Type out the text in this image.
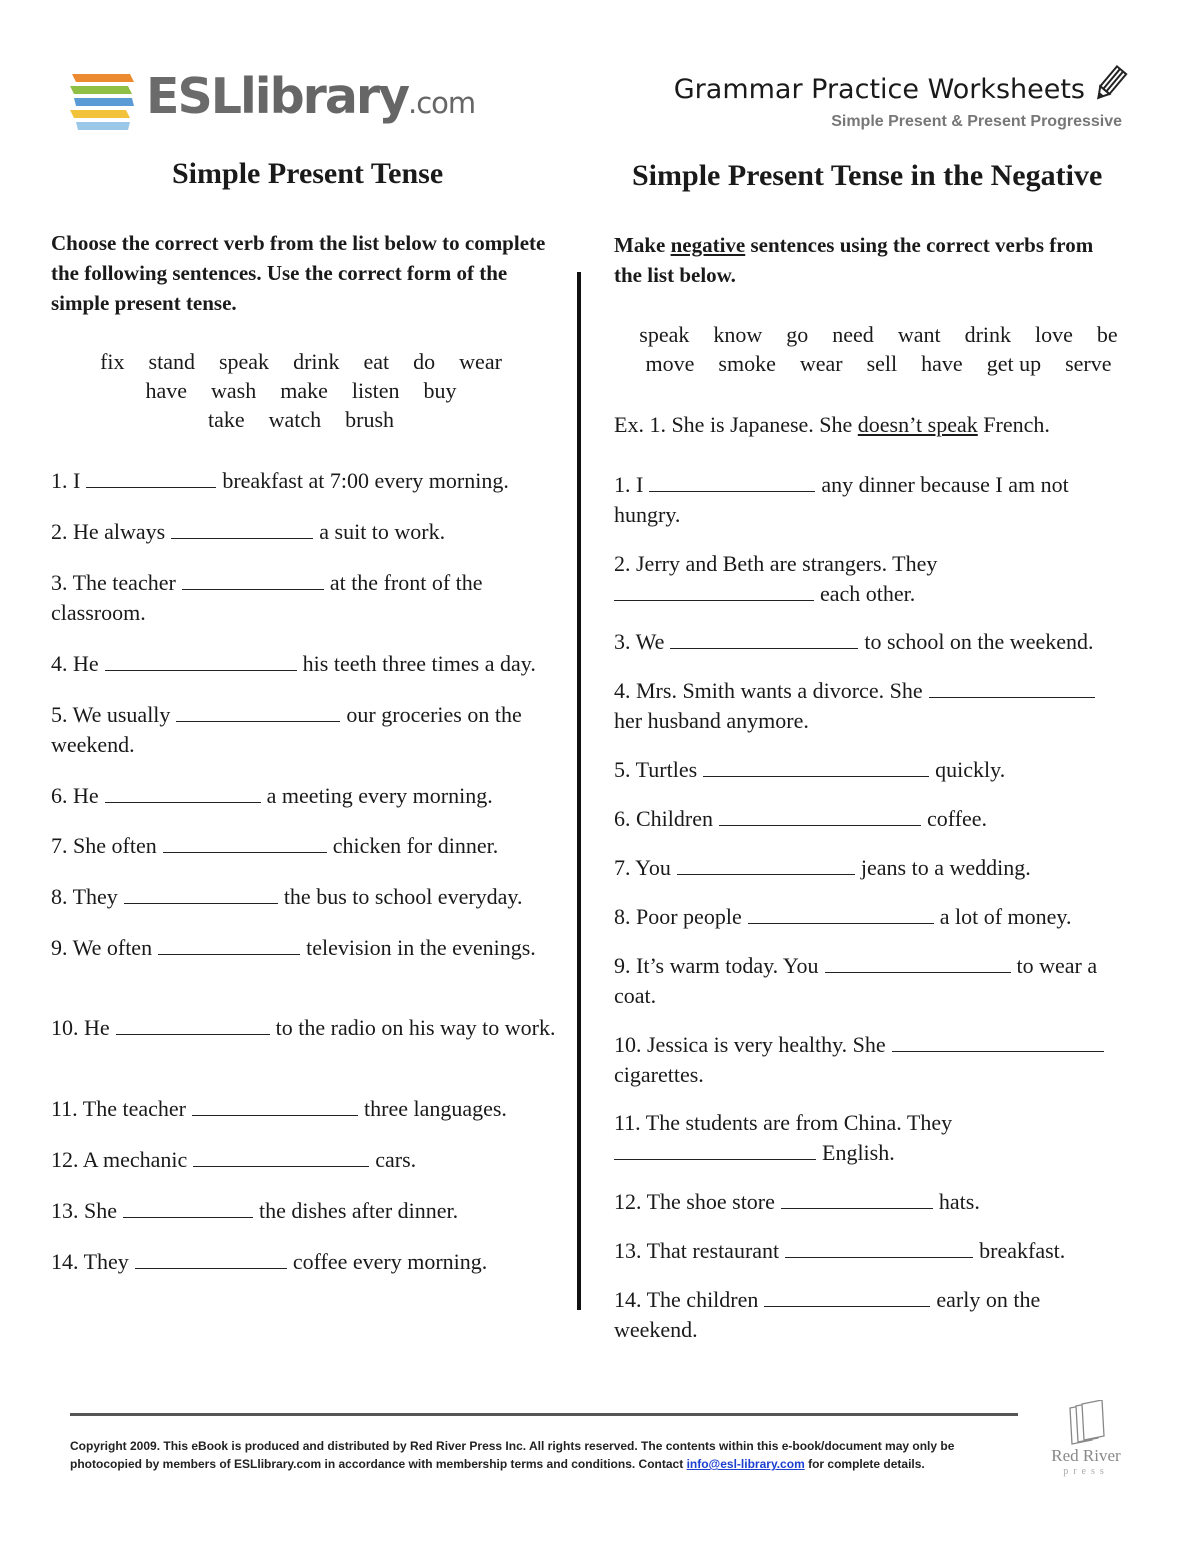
ESLlibrary.com	Grammar Practice Worksheets
Simple Present & Present Progressive
Simple Present Tense
Choose the correct verb from the list below to complete the following sentences. Use the correct form of the simple present tense.
fix stand speak drink eat do wear
have wash make listen buy
take watch brush
1. I	breakfast at 7:00 every morning.
2. He always	a suit to work.
3. The teacher	at the front of the classroom.
4. He	his teeth three times a day.
5. We usually	our groceries on the weekend.
6. He	a meeting every morning.
7. She often	chicken for dinner.
8. They	the bus to school everyday.
9. We often	television in the evenings.
10. He	to the radio on his way to work.
11. The teacher	three languages.
12. A mechanic	cars.
13. She	the dishes after dinner.
14. They	coffee every morning.
Simple Present Tense in the Negative
Make negative sentences using the correct verbs from the list below.
speak know go need want drink love be
move smoke wear sell have get up serve
Ex. 1. She is Japanese. She doesn’t speak French.
1. I	any dinner because I am not hungry.
2. Jerry and Beth are strangers. They
each other.
3. We	to school on the weekend.
4. Mrs. Smith wants a divorce. She
her husband anymore.
5. Turtles	quickly.
6. Children	coffee.
7. You	jeans to a wedding.
8. Poor people	a lot of money.
9. It’s warm today. You	to wear a coat.
10. Jessica is very healthy. Shecigarettes.
11. The students are from China. They
English.
12. The shoe store	hats.
13. That restaurant	breakfast.
14. The children	early on the weekend.
Copyright 2009. This eBook is produced and distributed by Red River Press Inc. All rights reserved. The contents within this e-book/document may only be
photocopied by members of ESLlibrary.com in accordance with membership terms and conditions. Contact info@esl-library.com for complete details.	Red River
press
